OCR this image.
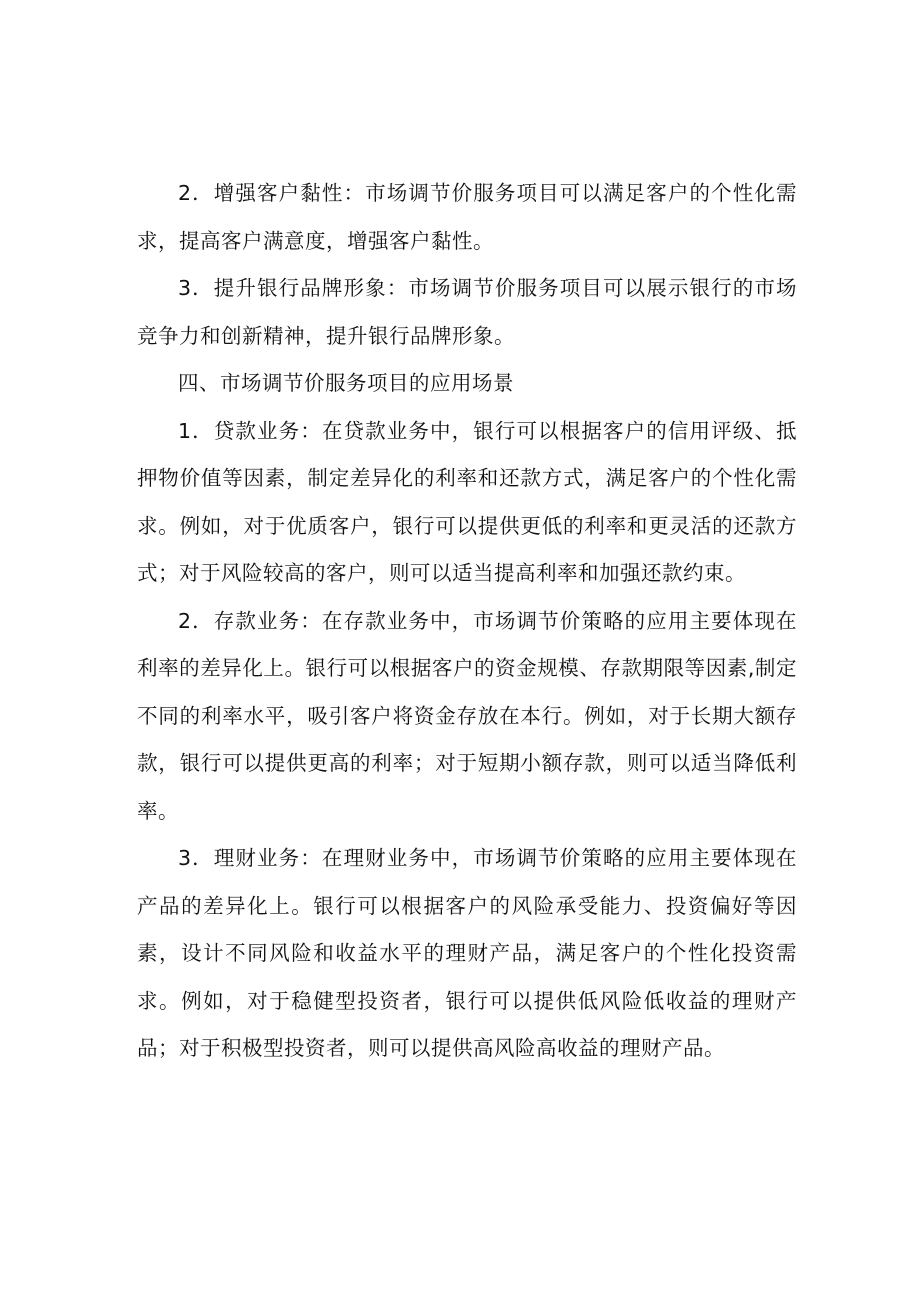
2．增强客户黏性：市场调节价服务项目可以满足客户的个性化需求，提高客户满意度，增强客户黏性。

3．提升银行品牌形象：市场调节价服务项目可以展示银行的市场竞争力和创新精神，提升银行品牌形象。

四、市场调节价服务项目的应用场景

1．贷款业务：在贷款业务中，银行可以根据客户的信用评级、抵押物价值等因素，制定差异化的利率和还款方式，满足客户的个性化需求。例如，对于优质客户，银行可以提供更低的利率和更灵活的还款方式；对于风险较高的客户，则可以适当提高利率和加强还款约束。

2．存款业务：在存款业务中，市场调节价策略的应用主要体现在利率的差异化上。银行可以根据客户的资金规模、存款期限等因素,制定不同的利率水平，吸引客户将资金存放在本行。例如，对于长期大额存款，银行可以提供更高的利率；对于短期小额存款，则可以适当降低利率。

3．理财业务：在理财业务中，市场调节价策略的应用主要体现在产品的差异化上。银行可以根据客户的风险承受能力、投资偏好等因素，设计不同风险和收益水平的理财产品，满足客户的个性化投资需求。例如，对于稳健型投资者，银行可以提供低风险低收益的理财产品；对于积极型投资者，则可以提供高风险高收益的理财产品。
